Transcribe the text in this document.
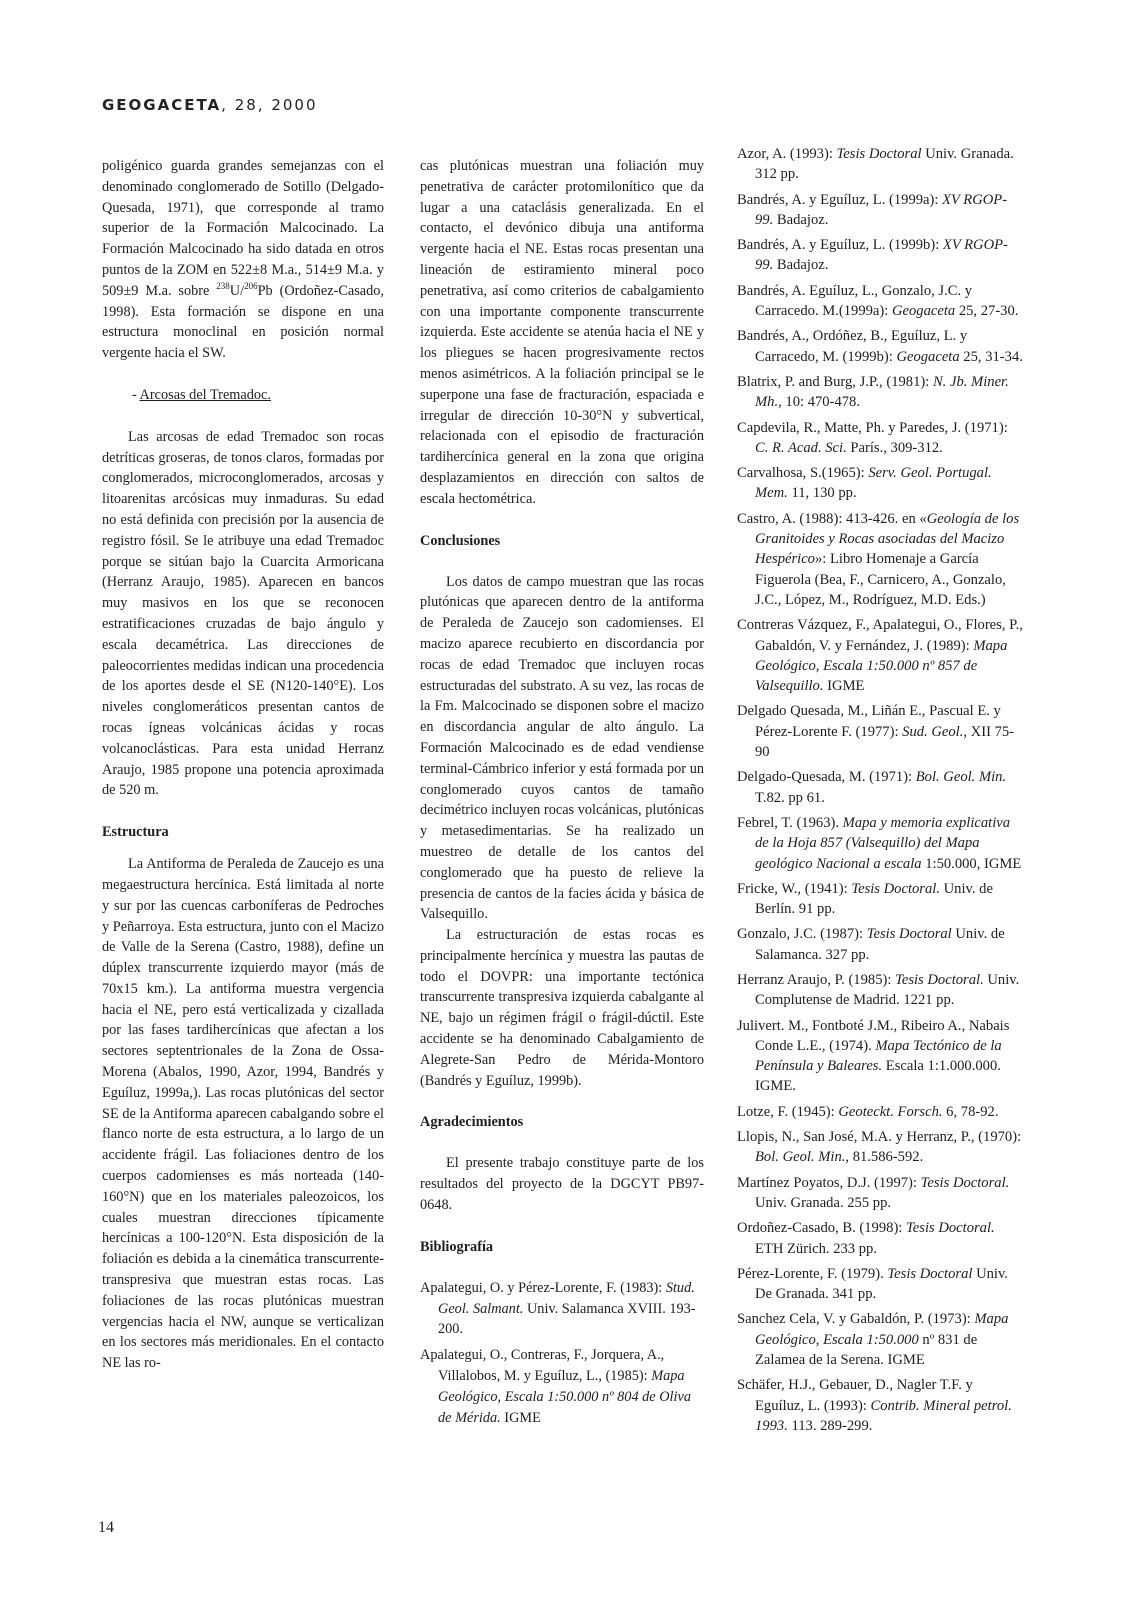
GEOGACETA, 28, 2000

poligénico guarda grandes semejanzas con el denominado conglomerado de Sotillo (Delgado-Quesada, 1971), que corresponde al tramo superior de la Formación Malcocinado. La Formación Malcocinado ha sido datada en otros puntos de la ZOM en 522±8 M.a., 514±9 M.a. y 509±9 M.a. sobre $^{238}$U/$^{206}$Pb (Ordoñez-Casado, 1998). Esta formación se dispone en una estructura monoclinal en posición normal vergente hacia el SW.

- Arcosas del Tremadoc.

Las arcosas de edad Tremadoc son rocas detríticas groseras, de tonos claros, formadas por conglomerados, microconglomerados, arcosas y litoarenitas arcósicas muy inmaduras. Su edad no está definida con precisión por la ausencia de registro fósil. Se le atribuye una edad Tremadoc porque se sitúan bajo la Cuarcita Armoricana (Herranz Araujo, 1985). Aparecen en bancos muy masivos en los que se reconocen estratificaciones cruzadas de bajo ángulo y escala decamétrica. Las direcciones de paleocorrientes medidas indican una procedencia de los aportes desde el SE (N120-140°E). Los niveles conglomeráticos presentan cantos de rocas ígneas volcánicas ácidas y rocas volcanoclásticas. Para esta unidad Herranz Araujo, 1985 propone una potencia aproximada de 520 m.

Estructura

La Antiforma de Peraleda de Zaucejo es una megaestructura hercínica. Está limitada al norte y sur por las cuencas carboníferas de Pedroches y Peñarroya. Esta estructura, junto con el Macizo de Valle de la Serena (Castro, 1988), define un dúplex transcurrente izquierdo mayor (más de 70x15 km.). La antiforma muestra vergencia hacia el NE, pero está verticalizada y cizallada por las fases tardihercínicas que afectan a los sectores septentrionales de la Zona de Ossa-Morena (Abalos, 1990, Azor, 1994, Bandrés y Eguíluz, 1999a,). Las rocas plutónicas del sector SE de la Antiforma aparecen cabalgando sobre el flanco norte de esta estructura, a lo largo de un accidente frágil. Las foliaciones dentro de los cuerpos cadomienses es más norteada (140-160°N) que en los materiales paleozoicos, los cuales muestran direcciones típicamente hercínicas a 100-120°N. Esta disposición de la foliación es debida a la cinemática transcurrente-transpresiva que muestran estas rocas. Las foliaciones de las rocas plutónicas muestran vergencias hacia el NW, aunque se verticalizan en los sectores más meridionales. En el contacto NE las ro-

cas plutónicas muestran una foliación muy penetrativa de carácter protomilonítico que da lugar a una cataclásis generalizada. En el contacto, el devónico dibuja una antiforma vergente hacia el NE. Estas rocas presentan una lineación de estiramiento mineral poco penetrativa, así como criterios de cabalgamiento con una importante componente transcurrente izquierda. Este accidente se atenúa hacia el NE y los pliegues se hacen progresivamente rectos menos asimétricos. A la foliación principal se le superpone una fase de fracturación, espaciada e irregular de dirección 10-30°N y subvertical, relacionada con el episodio de fracturación tardihercínica general en la zona que origina desplazamientos en dirección con saltos de escala hectométrica.

Conclusiones

Los datos de campo muestran que las rocas plutónicas que aparecen dentro de la antiforma de Peraleda de Zaucejo son cadomienses. El macizo aparece recubierto en discordancia por rocas de edad Tremadoc que incluyen rocas estructuradas del substrato. A su vez, las rocas de la Fm. Malcocinado se disponen sobre el macizo en discordancia angular de alto ángulo. La Formación Malcocinado es de edad vendiense terminal-Cámbrico inferior y está formada por un conglomerado cuyos cantos de tamaño decimétrico incluyen rocas volcánicas, plutónicas y metasedimentarias. Se ha realizado un muestreo de detalle de los cantos del conglomerado que ha puesto de relieve la presencia de cantos de la facies ácida y básica de Valsequillo.

La estructuración de estas rocas es principalmente hercínica y muestra las pautas de todo el DOVPR: una importante tectónica transcurrente transpresiva izquierda cabalgante al NE, bajo un régimen frágil o frágil-dúctil. Este accidente se ha denominado Cabalgamiento de Alegrete-San Pedro de Mérida-Montoro (Bandrés y Eguíluz, 1999b).

Agradecimientos

El presente trabajo constituye parte de los resultados del proyecto de la DGCYT PB97-0648.

Bibliografía

Apalategui, O. y Pérez-Lorente, F. (1983): Stud. Geol. Salmant. Univ. Salamanca XVIII. 193-200.

Apalategui, O., Contreras, F., Jorquera, A., Villalobos, M. y Eguíluz, L., (1985): Mapa Geológico, Escala 1:50.000 nº 804 de Oliva de Mérida. IGME

Azor, A. (1993): Tesis Doctoral Univ. Granada. 312 pp.

Bandrés, A. y Eguíluz, L. (1999a): XV RGOP-99. Badajoz.

Bandrés, A. y Eguíluz, L. (1999b): XV RGOP-99. Badajoz.

Bandrés, A. Eguíluz, L., Gonzalo, J.C. y Carracedo. M.(1999a): Geogaceta 25, 27-30.

Bandrés, A., Ordóñez, B., Eguíluz, L. y Carracedo, M. (1999b): Geogaceta 25, 31-34.

Blatrix, P. and Burg, J.P., (1981): N. Jb. Miner. Mh., 10: 470-478.

Capdevila, R., Matte, Ph. y Paredes, J. (1971): C. R. Acad. Sci. París., 309-312.

Carvalhosa, S.(1965): Serv. Geol. Portugal. Mem. 11, 130 pp.

Castro, A. (1988): 413-426. en «Geología de los Granitoides y Rocas asociadas del Macizo Hespérico»: Libro Homenaje a García Figuerola (Bea, F., Carnicero, A., Gonzalo, J.C., López, M., Rodríguez, M.D. Eds.)

Contreras Vázquez, F., Apalategui, O., Flores, P., Gabaldón, V. y Fernández, J. (1989): Mapa Geológico, Escala 1:50.000 nº 857 de Valsequillo. IGME

Delgado Quesada, M., Liñán E., Pascual E. y Pérez-Lorente F. (1977): Sud. Geol., XII 75-90

Delgado-Quesada, M. (1971): Bol. Geol. Min. T.82. pp 61.

Febrel, T. (1963). Mapa y memoria explicativa de la Hoja 857 (Valsequillo) del Mapa geológico Nacional a escala 1:50.000, IGME

Fricke, W., (1941): Tesis Doctoral. Univ. de Berlín. 91 pp.

Gonzalo, J.C. (1987): Tesis Doctoral Univ. de Salamanca. 327 pp.

Herranz Araujo, P. (1985): Tesis Doctoral. Univ. Complutense de Madrid. 1221 pp.

Julivert. M., Fontboté J.M., Ribeiro A., Nabais Conde L.E., (1974). Mapa Tectónico de la Península y Baleares. Escala 1:1.000.000. IGME.

Lotze, F. (1945): Geoteckt. Forsch. 6, 78-92.

Llopis, N., San José, M.A. y Herranz, P., (1970): Bol. Geol. Min., 81.586-592.

Martínez Poyatos, D.J. (1997): Tesis Doctoral. Univ. Granada. 255 pp.

Ordoñez-Casado, B. (1998): Tesis Doctoral. ETH Zürich. 233 pp.

Pérez-Lorente, F. (1979). Tesis Doctoral Univ. De Granada. 341 pp.

Sanchez Cela, V. y Gabaldón, P. (1973): Mapa Geológico, Escala 1:50.000 nº 831 de Zalamea de la Serena. IGME

Schäfer, H.J., Gebauer, D., Nagler T.F. y Eguíluz, L. (1993): Contrib. Mineral petrol. 1993. 113. 289-299.

14
